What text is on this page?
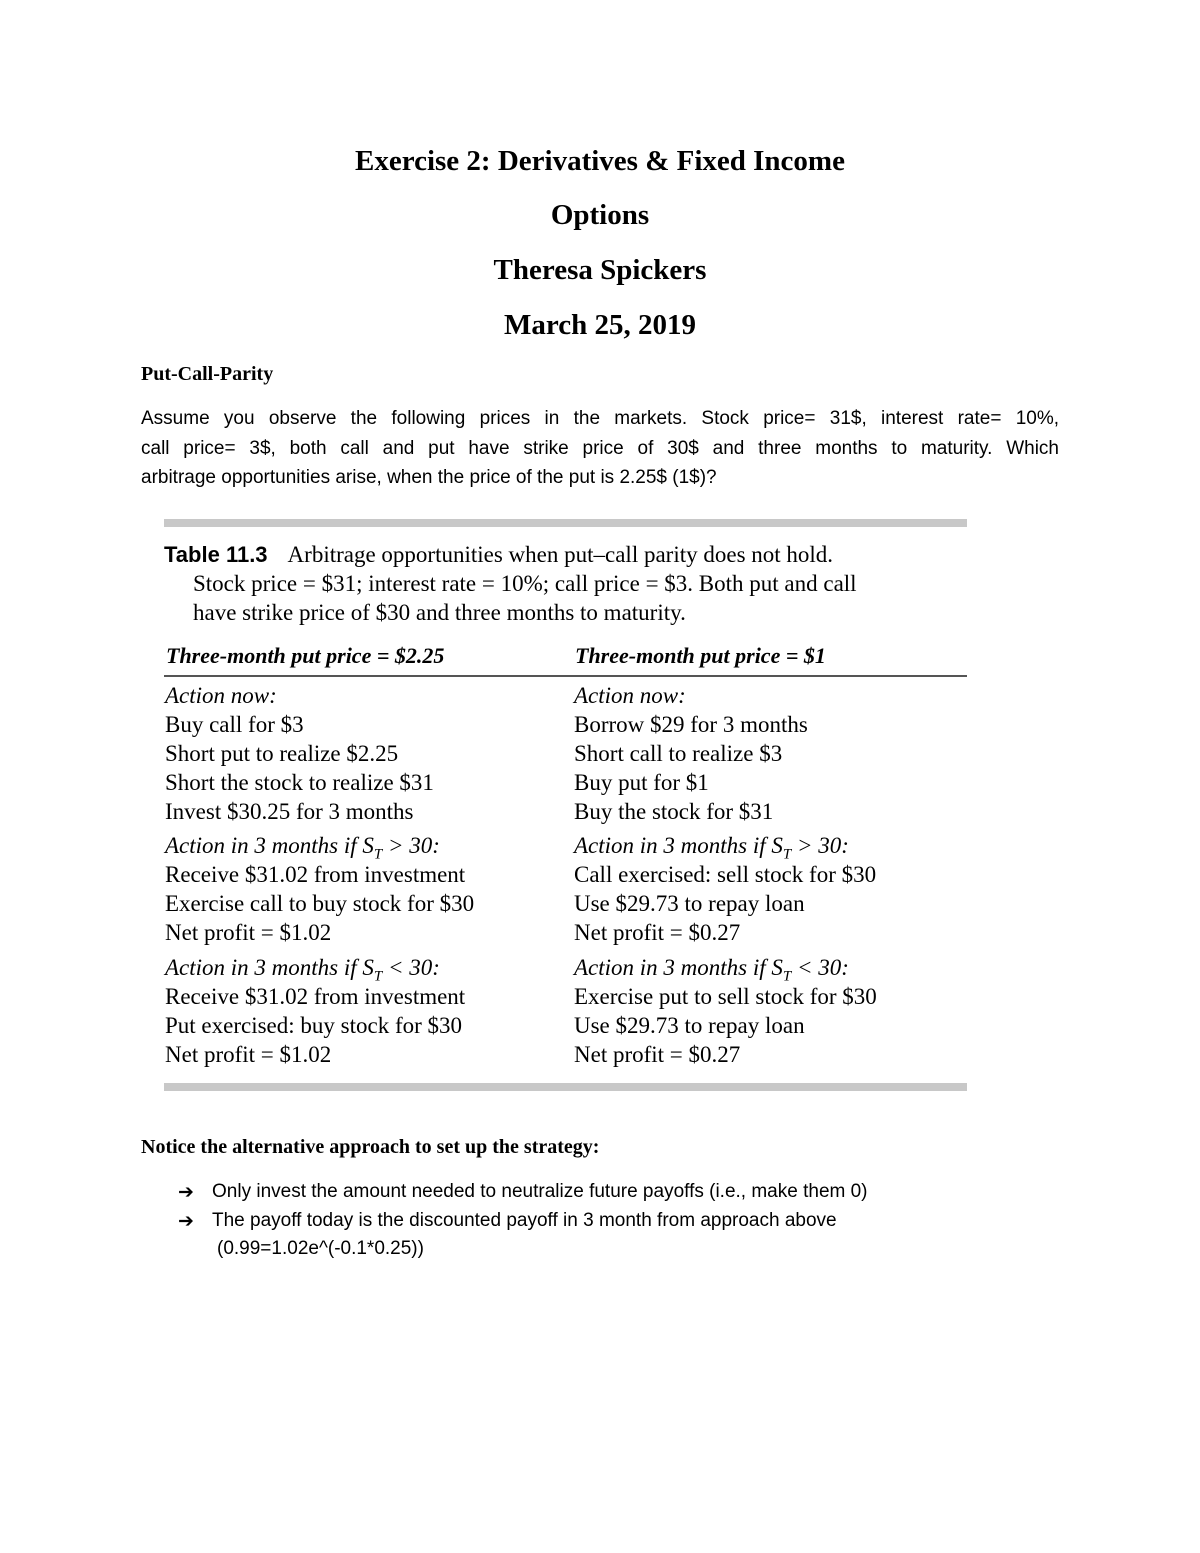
Exercise 2: Derivatives & Fixed Income
Options
Theresa Spickers
March 25, 2019
Put-Call-Parity
Assume you observe the following prices in the markets. Stock price= 31$, interest rate= 10%,
call price= 3$, both call and put have strike price of 30$ and three months to maturity. Which
arbitrage opportunities arise, when the price of the put is 2.25$ (1$)?
Table 11.3 Arbitrage opportunities when put–call parity does not hold.
Stock price = $31; interest rate = 10%; call price = $3. Both put and call
have strike price of $30 and three months to maturity.
Three-month put price = $2.25	Three-month put price = $1
Action now:
Buy call for $3
Short put to realize $2.25
Short the stock to realize $31
Invest $30.25 for 3 months
Action in 3 months if $S_T > 30$:
Receive $31.02 from investment
Exercise call to buy stock for $30
Net profit = $1.02
Action in 3 months if $S_T < 30$:
Receive $31.02 from investment
Put exercised: buy stock for $30
Net profit = $1.02
Action now:
Borrow $29 for 3 months
Short call to realize $3
Buy put for $1
Buy the stock for $31
Action in 3 months if $S_T > 30$:
Call exercised: sell stock for $30
Use $29.73 to repay loan
Net profit = $0.27
Action in 3 months if $S_T < 30$:
Exercise put to sell stock for $30
Use $29.73 to repay loan
Net profit = $0.27
Notice the alternative approach to set up the strategy:
➔ Only invest the amount needed to neutralize future payoffs (i.e., make them 0)
➔ The payoff today is the discounted payoff in 3 month from approach above
(0.99=1.02e^(-0.1*0.25))
